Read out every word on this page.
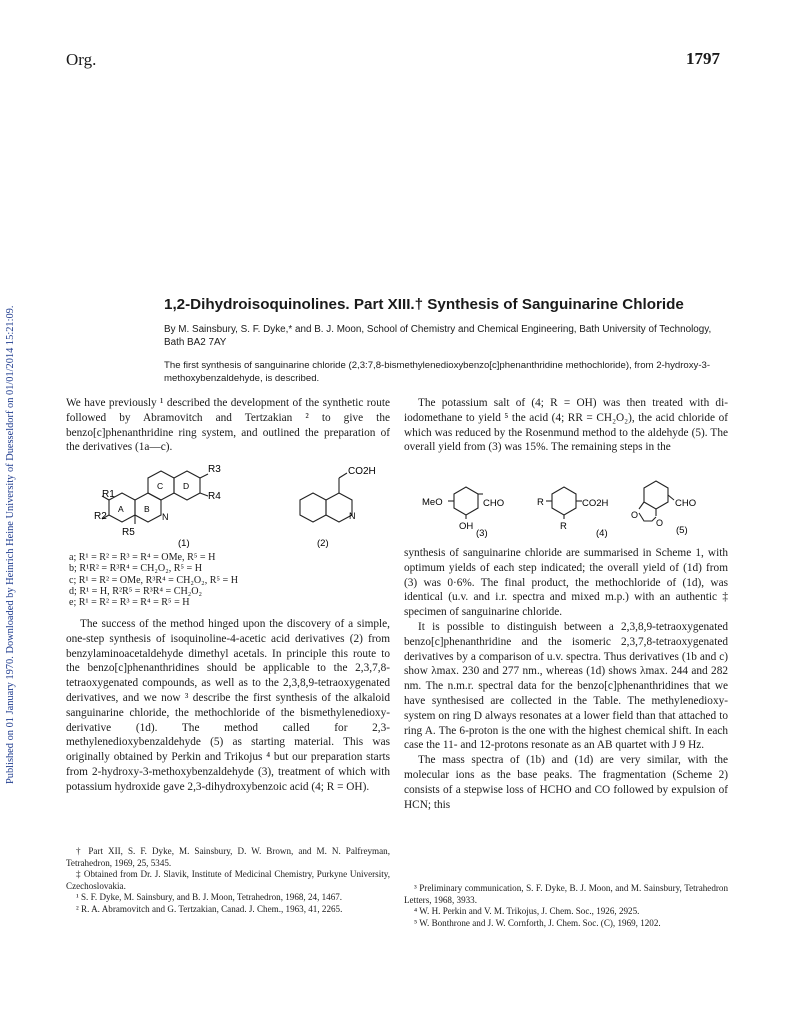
Published on 01 January 1970. Downloaded by Heinrich Heine University of Duesseldorf on 01/01/2014 15:21:09.
Org.	1797
1,2-Dihydroisoquinolines. Part XIII.† Synthesis of Sanguinarine Chloride
By M. Sainsbury, S. F. Dyke,* and B. J. Moon, School of Chemistry and Chemical Engineering, Bath University of Technology, Bath BA2 7AY
The first synthesis of sanguinarine chloride (2,3:7,8-bismethylenedioxybenzo[c]phenanthridine methochloride), from 2-hydroxy-3-methoxybenzaldehyde, is described.

We have previously ¹ described the development of the synthetic route followed by Abramovitch and Tertzakian ² to give the benzo[c]phenanthridine ring system, and outlined the preparation of the derivatives (1a—c).

R1
R2
R3
R4
R5
A B
C D
N
(1)
CO2H
N
(2)
a; R¹ = R² = R³ = R⁴ = OMe, R⁵ = H
b; R¹R² = R³R⁴ = CH₂O₂, R⁵ = H
c; R¹ = R² = OMe, R³R⁴ = CH₂O₂, R⁵ = H
d; R¹ = H, R²R⁵ = R³R⁴ = CH₂O₂
e; R¹ = R² = R³ = R⁴ = R⁵ = H

The success of the method hinged upon the discovery of a simple, one-step synthesis of isoquinoline-4-acetic acid derivatives (2) from benzylaminoacetaldehyde dimethyl acetals. In principle this route to the benzo[c]phenanthridines should be applicable to the 2,3,7,8-tetraoxygenated compounds, as well as to the 2,3,8,9-tetraoxygenated derivatives, and we now ³ describe the first synthesis of the alkaloid sanguinarine chloride, the methochloride of the bismethylenedioxy-derivative (1d). The method called for 2,3-methylenedioxybenzaldehyde (5) as starting material. This was originally obtained by Perkin and Trikojus ⁴ but our preparation starts from 2-hydroxy-3-methoxybenzaldehyde (3), treatment of which with potassium hydroxide gave 2,3-dihydroxybenzoic acid (4; R = OH).

† Part XII, S. F. Dyke, M. Sainsbury, D. W. Brown, and M. N. Palfreyman, Tetrahedron, 1969, 25, 5345.

‡ Obtained from Dr. J. Slavik, Institute of Medicinal Chemistry, Purkyne University, Czechoslovakia.

¹ S. F. Dyke, M. Sainsbury, and B. J. Moon, Tetrahedron, 1968, 24, 1467.

² R. A. Abramovitch and G. Tertzakian, Canad. J. Chem., 1963, 41, 2265.

The potassium salt of (4; R = OH) was then treated with di-iodomethane to yield ⁵ the acid (4; RR = CH₂O₂), the acid chloride of which was reduced by the Rosenmund method to the aldehyde (5). The overall yield from (3) was 15%. The remaining steps in the

MeO
OH
CHO
(3)
R
R
CO2H
(4)
O
O
CHO
(5)

synthesis of sanguinarine chloride are summarised in Scheme 1, with optimum yields of each step indicated; the overall yield of (1d) from (3) was 0·6%. The final product, the methochloride of (1d), was identical (u.v. and i.r. spectra and mixed m.p.) with an authentic ‡ specimen of sanguinarine chloride.

It is possible to distinguish between a 2,3,8,9-tetraoxygenated benzo[c]phenanthridine and the isomeric 2,3,7,8-tetraoxygenated derivatives by a comparison of u.v. spectra. Thus derivatives (1b and c) show λmax. 230 and 277 nm., whereas (1d) shows λmax. 244 and 282 nm. The n.m.r. spectral data for the benzo[c]phenanthridines that we have synthesised are collected in the Table. The methylenedioxy-system on ring D always resonates at a lower field than that attached to ring A. The 6-proton is the one with the highest chemical shift. In each case the 11- and 12-protons resonate as an AB quartet with J 9 Hz.

The mass spectra of (1b) and (1d) are very similar, with the molecular ions as the base peaks. The fragmentation (Scheme 2) consists of a stepwise loss of HCHO and CO followed by expulsion of HCN; this

³ Preliminary communication, S. F. Dyke, B. J. Moon, and M. Sainsbury, Tetrahedron Letters, 1968, 3933.

⁴ W. H. Perkin and V. M. Trikojus, J. Chem. Soc., 1926, 2925.

⁵ W. Bonthrone and J. W. Cornforth, J. Chem. Soc. (C), 1969, 1202.
